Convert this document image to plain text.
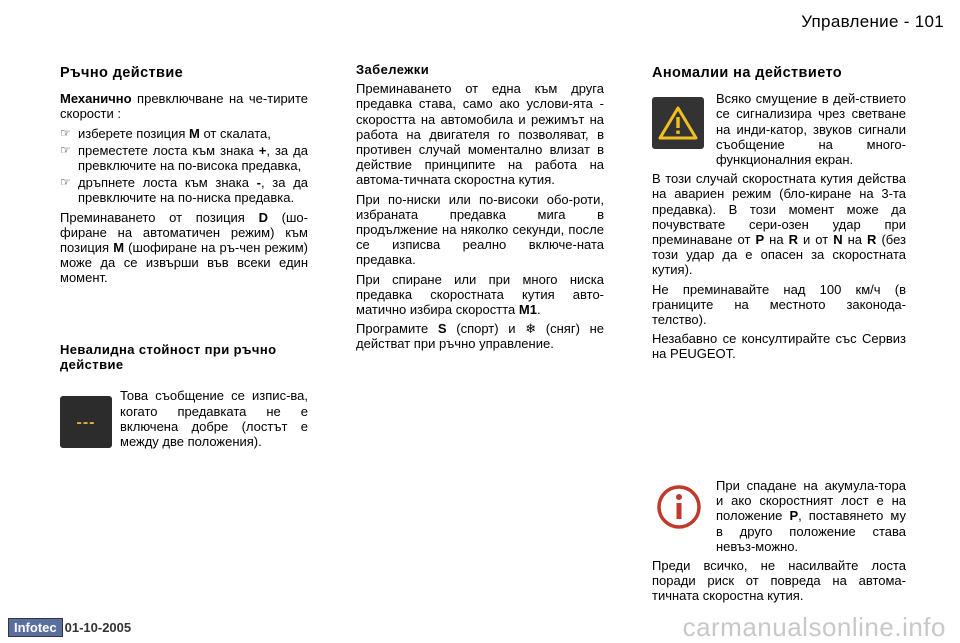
Управление - 101
Ръчно действие

Механично превключване на че-тирите скорости :

☞ изберете позиция M от скалата,
☞ преместете лоста към знака +, за да превключите на по-висока предавка,
☞ дръпнете лоста към знака -, за да превключите на по-ниска предавка.

Преминаването от позиция D (шо-фиране на автоматичен режим) към позиция M (шофиране на ръ-чен режим) може да се извърши във всеки един момент.

Невалидна стойност при ръчно действие
---
Това съобщение се изпис-ва, когато предавката не е включена добре (лостът е между две положения).
Забележки

Преминаването от една към друга предавка става, само ако услови-ята - скоростта на автомобила и режимът на работа на двигателя го позволяват, в противен случай моментално влизат в действие принципите на работа на автома-тичната скоростна кутия.

При по-ниски или по-високи обо-роти, избраната предавка мига в продължение на няколко секунди, после се изписва реално включе-ната предавка.

При спиране или при много ниска предавка скоростната кутия авто-матично избира скоростта M1.

Програмите S (спорт) и ❄ (сняг) не действат при ръчно управление.

Аномалии на действието
Всяко смущение в дей-ствието се сигнализира чрез светване на инди-катор, звуков сигнали съобщение на много-функционалния екран.

В този случай скоростната кутия действа на авариен режим (бло-киране на 3-та предавка). В този момент може да почувствате сери-озен удар при преминаване от P на R и от N на R (без този удар да е опасен за скоростната кутия).

Не преминавайте над 100 км/ч (в границите на местното законода-телство).

Незабавно се консултирайте със Сервиз на PEUGEOT.

При спадане на акумула-тора и ако скоростният лост е на положение P, поставянето му в друго положение става невъз-можно.

Преди всичко, не насилвайте лоста поради риск от повреда на автома-тичната скоростна кутия.

Infotec 01-10-2005	carmanualsonline.info
